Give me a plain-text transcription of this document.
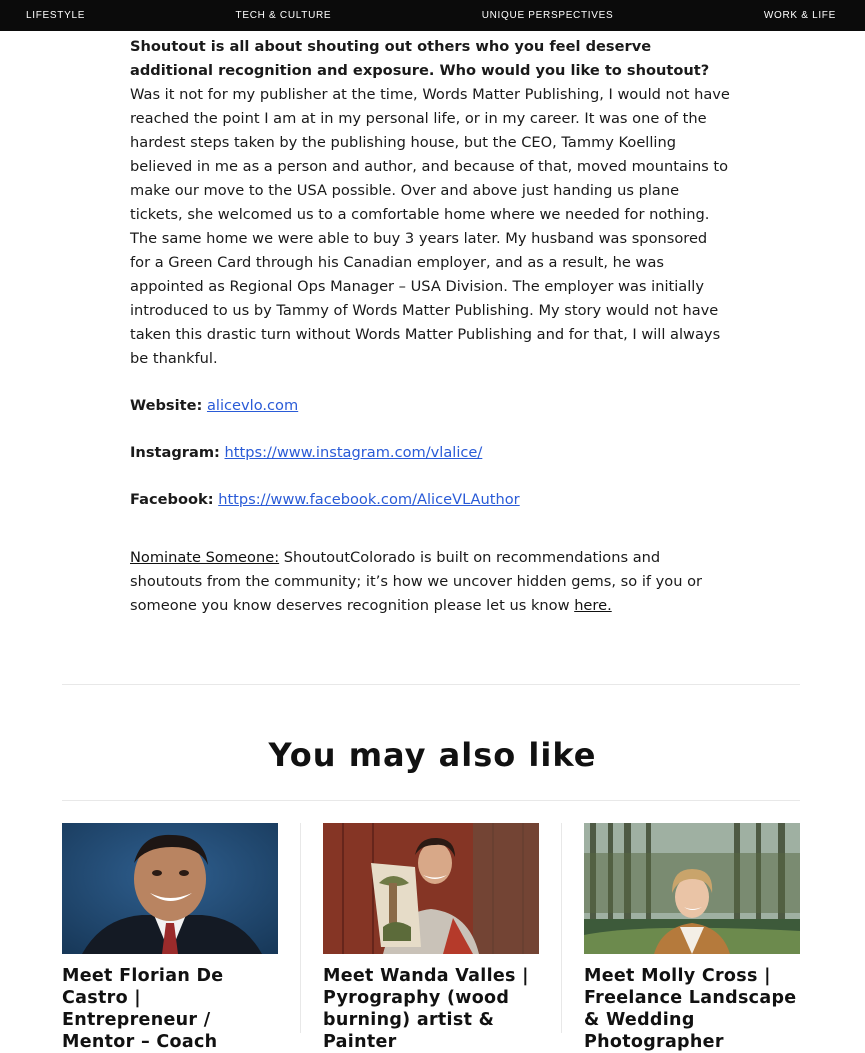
LIFESTYLE	TECH & CULTURE	UNIQUE PERSPECTIVES	WORK & LIFE

Shoutout is all about shouting out others who you feel deserve additional recognition and exposure. Who would you like to shoutout?

Was it not for my publisher at the time, Words Matter Publishing, I would not have reached the point I am at in my personal life, or in my career. It was one of the hardest steps taken by the publishing house, but the CEO, Tammy Koelling believed in me as a person and author, and because of that, moved mountains to make our move to the USA possible. Over and above just handing us plane tickets, she welcomed us to a comfortable home where we needed for nothing. The same home we were able to buy 3 years later. My husband was sponsored for a Green Card through his Canadian employer, and as a result, he was appointed as Regional Ops Manager – USA Division. The employer was initially introduced to us by Tammy of Words Matter Publishing. My story would not have taken this drastic turn without Words Matter Publishing and for that, I will always be thankful.

Website: alicevlo.com

Instagram: https://www.instagram.com/vlalice/

Facebook: https://www.facebook.com/AliceVLAuthor

Nominate Someone: ShoutoutColorado is built on recommendations and shoutouts from the community; it’s how we uncover hidden gems, so if you or someone you know deserves recognition please let us know here.

You may also like
Meet Florian De Castro | Entrepreneur / Mentor – Coach
Meet Wanda Valles | Pyrography (wood burning) artist & Painter
Meet Molly Cross | Freelance Landscape & Wedding Photographer
